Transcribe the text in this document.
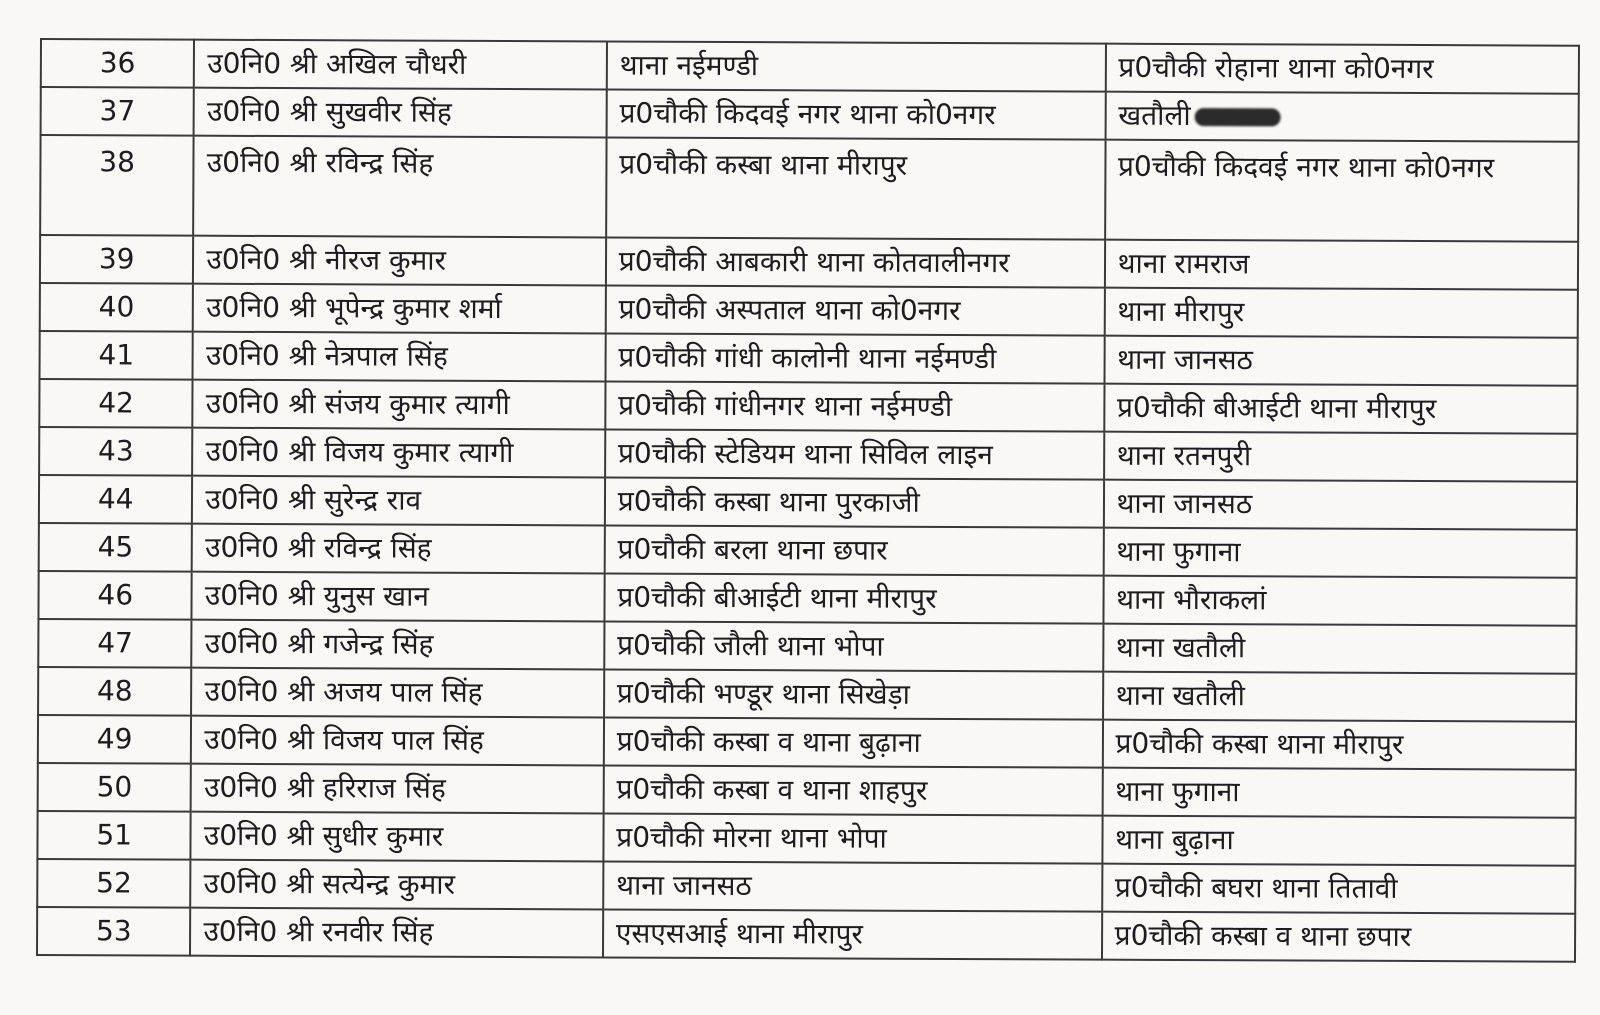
36	उ0नि0 श्री अखिल चौधरी	थाना नईमण्डी	प्र0चौकी रोहाना थाना को0नगर
37	उ0नि0 श्री सुखवीर सिंह	प्र0चौकी किदवई नगर थाना को0नगर	खतौली
38	उ0नि0 श्री रविन्द्र सिंह	प्र0चौकी कस्बा थाना मीरापुर	प्र0चौकी किदवई नगर थाना को0नगर
39	उ0नि0 श्री नीरज कुमार	प्र0चौकी आबकारी थाना कोतवालीनगर	थाना रामराज
40	उ0नि0 श्री भूपेन्द्र कुमार शर्मा	प्र0चौकी अस्पताल थाना को0नगर	थाना मीरापुर
41	उ0नि0 श्री नेत्रपाल सिंह	प्र0चौकी गांधी कालोनी थाना नईमण्डी	थाना जानसठ
42	उ0नि0 श्री संजय कुमार त्यागी	प्र0चौकी गांधीनगर थाना नईमण्डी	प्र0चौकी बीआईटी थाना मीरापुर
43	उ0नि0 श्री विजय कुमार त्यागी	प्र0चौकी स्टेडियम थाना सिविल लाइन	थाना रतनपुरी
44	उ0नि0 श्री सुरेन्द्र राव	प्र0चौकी कस्बा थाना पुरकाजी	थाना जानसठ
45	उ0नि0 श्री रविन्द्र सिंह	प्र0चौकी बरला थाना छपार	थाना फुगाना
46	उ0नि0 श्री युनुस खान	प्र0चौकी बीआईटी थाना मीरापुर	थाना भौराकलां
47	उ0नि0 श्री गजेन्द्र सिंह	प्र0चौकी जौली थाना भोपा	थाना खतौली
48	उ0नि0 श्री अजय पाल सिंह	प्र0चौकी भण्डूर थाना सिखेड़ा	थाना खतौली
49	उ0नि0 श्री विजय पाल सिंह	प्र0चौकी कस्बा व थाना बुढ़ाना	प्र0चौकी कस्बा थाना मीरापुर
50	उ0नि0 श्री हरिराज सिंह	प्र0चौकी कस्बा व थाना शाहपुर	थाना फुगाना
51	उ0नि0 श्री सुधीर कुमार	प्र0चौकी मोरना थाना भोपा	थाना बुढ़ाना
52	उ0नि0 श्री सत्येन्द्र कुमार	थाना जानसठ	प्र0चौकी बघरा थाना तितावी
53	उ0नि0 श्री रनवीर सिंह	एसएसआई थाना मीरापुर	प्र0चौकी कस्बा व थाना छपार
